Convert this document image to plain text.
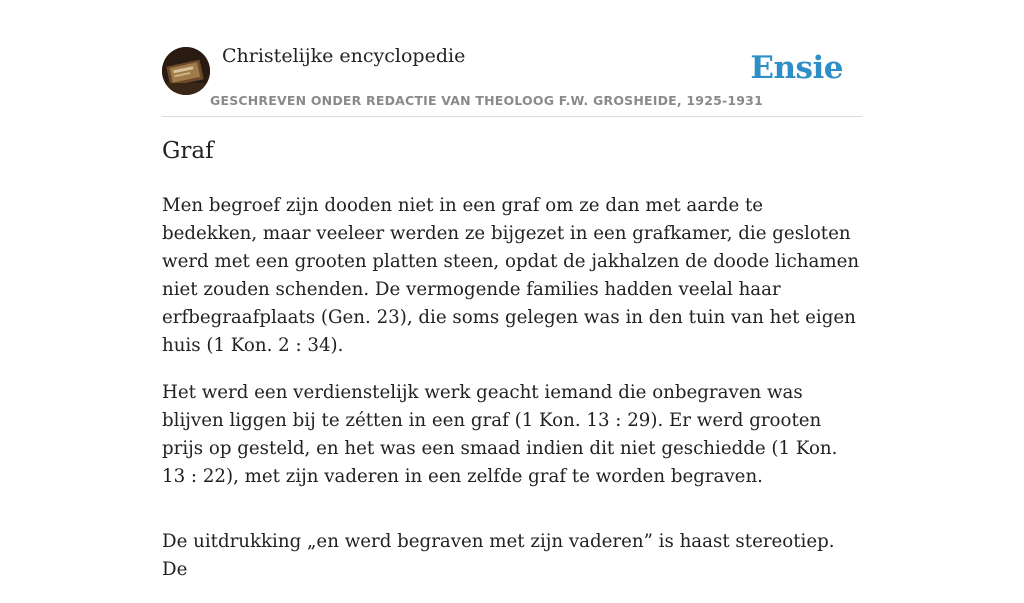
Christelijke encyclopedie
GESCHREVEN ONDER REDACTIE VAN THEOLOOG F.W. GROSHEIDE, 1925-1931
Ensie
Graf

Men begroef zijn dooden niet in een graf om ze dan met aarde te bedekken, maar veeleer werden ze bijgezet in een grafkamer, die gesloten werd met een grooten platten steen, opdat de jakhalzen de doode lichamen niet zouden schenden. De vermogende families hadden veelal haar erfbegraafplaats (Gen. 23), die soms gelegen was in den tuin van het eigen huis (1 Kon. 2 : 34).

Het werd een verdienstelijk werk geacht iemand die onbegraven was blijven liggen bij te zétten in een graf (1 Kon. 13 : 29). Er werd grooten prijs op gesteld, en het was een smaad indien dit niet geschiedde (1 Kon. 13 : 22), met zijn vaderen in een zelfde graf te worden begraven.

De uitdrukking „en werd begraven met zijn vaderen” is haast stereotiep. De
